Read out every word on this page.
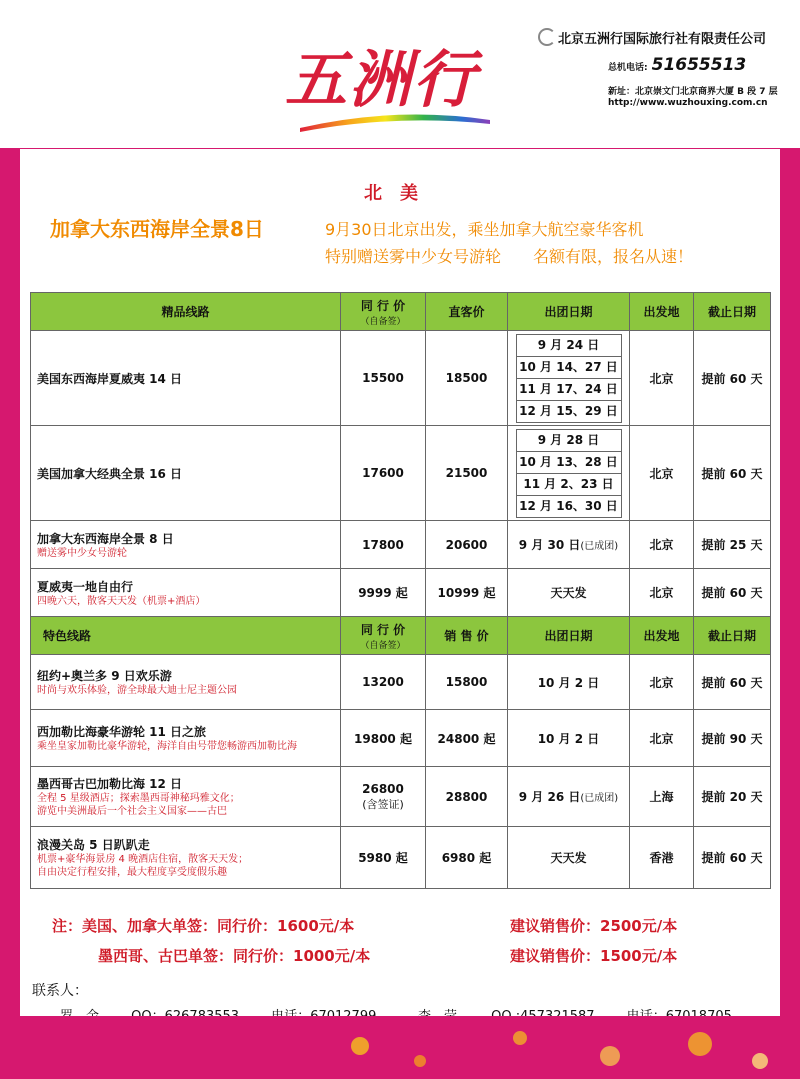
五洲行
北京五洲行国际旅行社有限责任公司
总机电话: 51655513
新址：北京崇文门北京商界大厦 B 段 7 层
http://www.wuzhouxing.com.cn
北美
加拿大东西海岸全景8日	9月30日北京出发，乘坐加拿大航空豪华客机
特别赠送雾中少女号游轮　　名额有限，报名从速！
精品线路	同 行 价
（自备签）	直客价	出团日期	出发地	截止日期

美国东西海岸夏威夷 14 日	15500	18500	9 月 24 日
10 月 14、27 日
11 月 17、24 日
12 月 15、29 日	北京	提前 60 天

美国加拿大经典全景 16 日	17600	21500	9 月 28 日
10 月 13、28 日
11 月 2、23 日
12 月 16、30 日	北京	提前 60 天

加拿大东西海岸全景 8 日
赠送雾中少女号游轮	17800	20600	9 月 30 日(已成团)	北京	提前 25 天

夏威夷一地自由行
四晚六天，散客天天发（机票+酒店）	9999 起	10999 起	天天发	北京	提前 60 天
特色线路	同 行 价
（自备签）	销 售 价	出团日期	出发地	截止日期

纽约+奥兰多 9 日欢乐游
时尚与欢乐体验，游全球最大迪士尼主题公园	13200	15800	10 月 2 日	北京	提前 60 天

西加勒比海豪华游轮 11 日之旅
乘坐皇家加勒比豪华游轮，海洋自由号带您畅游西加勒比海	19800 起	24800 起	10 月 2 日	北京	提前 90 天

墨西哥古巴加勒比海 12 日
全程 5 星级酒店；探索墨西哥神秘玛雅文化；
游览中美洲最后一个社会主义国家——古巴	26800
(含签证)	28800	9 月 26 日(已成团)	上海	提前 20 天

浪漫关岛 5 日趴趴走
机票+豪华海景房 4 晚酒店住宿，散客天天发；
自由决定行程安排，最大程度享受度假乐趣	5980 起	6980 起	天天发	香港	提前 60 天
注：美国、加拿大单签：同行价：1600元/本	建议销售价：2500元/本
墨西哥、古巴单签：同行价：1000元/本	建议销售价：1500元/本
联系人：
罗　金 QQ：626783553 电话：67012799	李　莹	QQ :457321587 电话：67018705
